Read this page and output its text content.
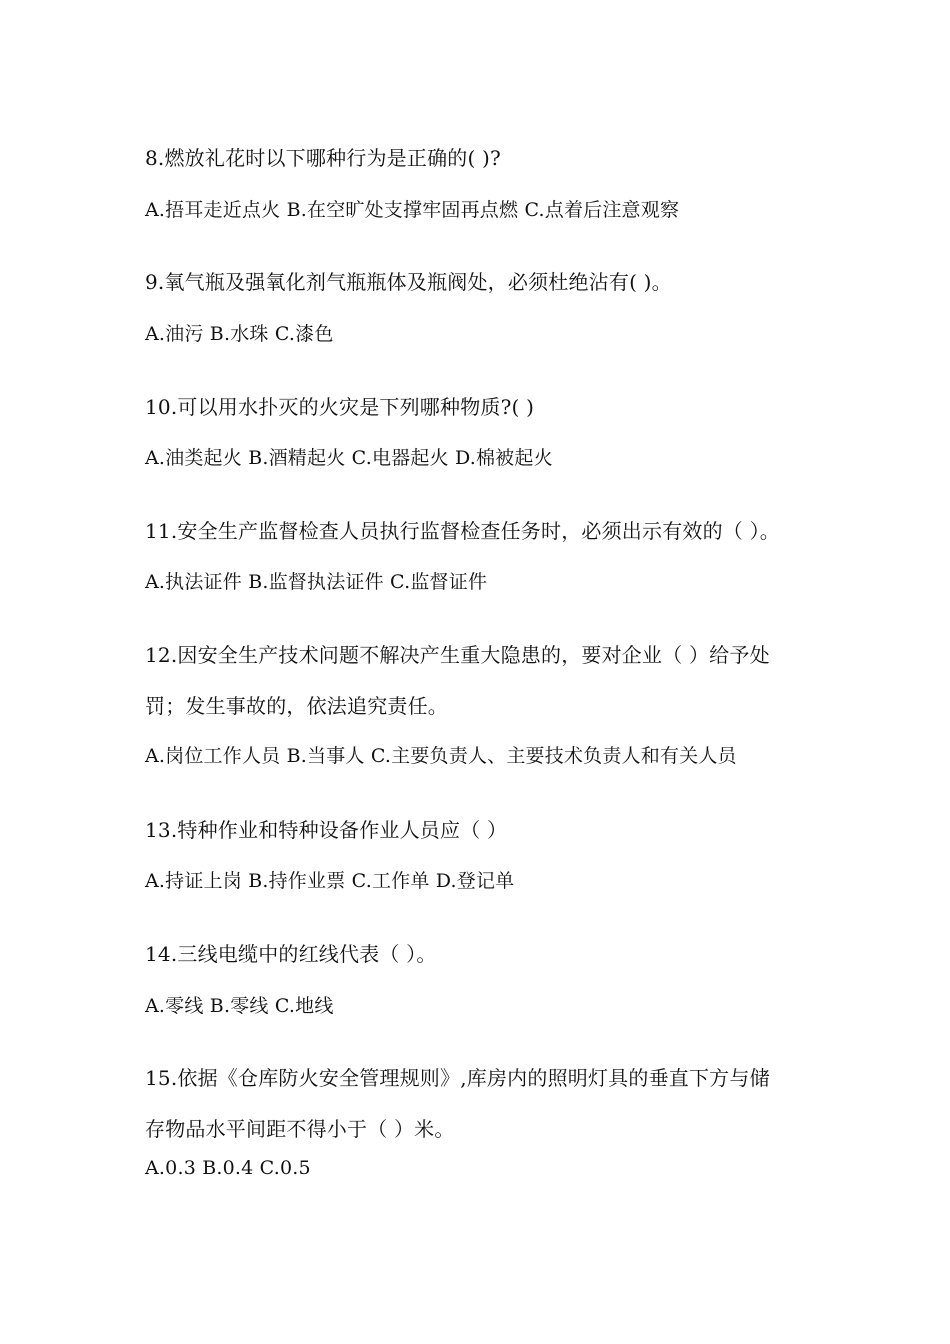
8.燃放礼花时以下哪种行为是正确的( )?
A.捂耳走近点火 B.在空旷处支撑牢固再点燃 C.点着后注意观察
9.氧气瓶及强氧化剂气瓶瓶体及瓶阀处，必须杜绝沾有( )。
A.油污 B.水珠 C.漆色
10.可以用水扑灭的火灾是下列哪种物质?( )
A.油类起火 B.酒精起火 C.电器起火 D.棉被起火
11.安全生产监督检查人员执行监督检查任务时，必须出示有效的（ ）。
A.执法证件 B.监督执法证件 C.监督证件
12.因安全生产技术问题不解决产生重大隐患的，要对企业（ ）给予处
罚；发生事故的，依法追究责任。
A.岗位工作人员 B.当事人 C.主要负责人、主要技术负责人和有关人员
13.特种作业和特种设备作业人员应（ ）
A.持证上岗 B.持作业票 C.工作单 D.登记单
14.三线电缆中的红线代表（ ）。
A.零线 B.零线 C.地线
15.依据《仓库防火安全管理规则》,库房内的照明灯具的垂直下方与储
存物品水平间距不得小于（ ）米。
A.0.3 B.0.4 C.0.5
